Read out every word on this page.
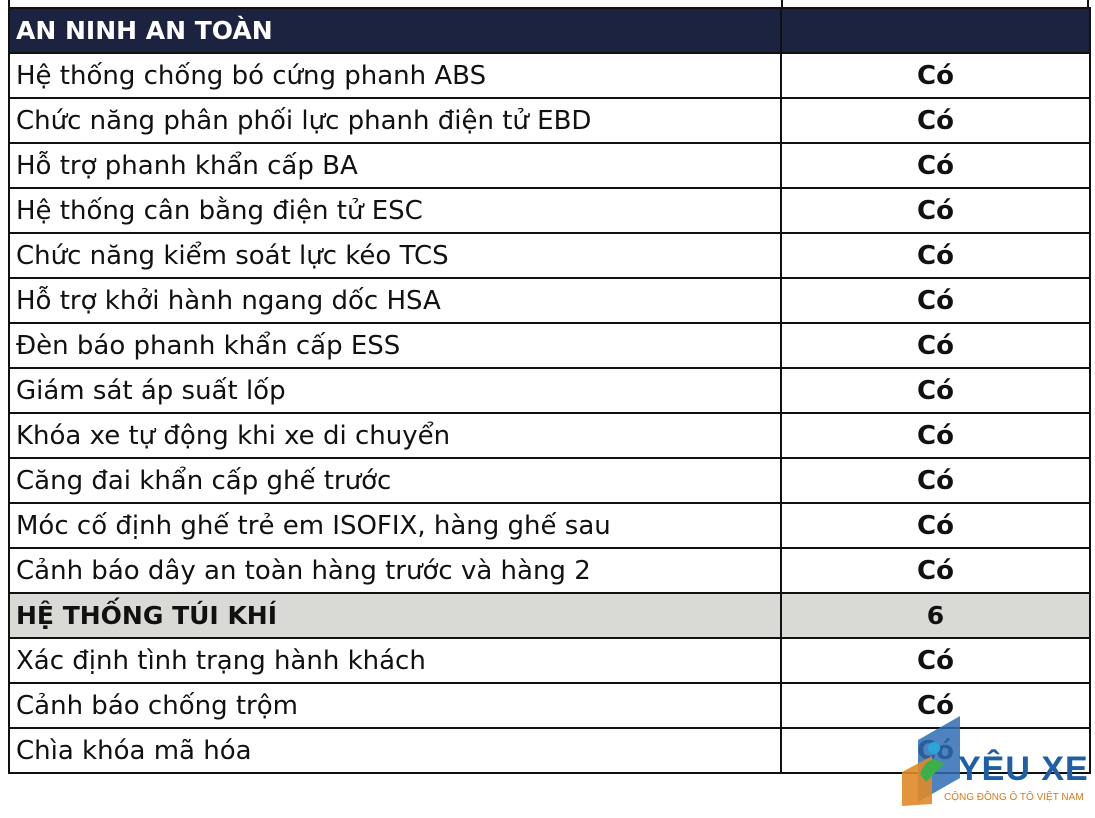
AN NINH AN TOÀN	
Hệ thống chống bó cứng phanh ABS	Có
Chức năng phân phối lực phanh điện tử EBD	Có
Hỗ trợ phanh khẩn cấp BA	Có
Hệ thống cân bằng điện tử ESC	Có
Chức năng kiểm soát lực kéo TCS	Có
Hỗ trợ khởi hành ngang dốc HSA	Có
Đèn báo phanh khẩn cấp ESS	Có
Giám sát áp suất lốp	Có
Khóa xe tự động khi xe di chuyển	Có
Căng đai khẩn cấp ghế trước	Có
Móc cố định ghế trẻ em ISOFIX, hàng ghế sau	Có
Cảnh báo dây an toàn hàng trước và hàng 2	Có
HỆ THỐNG TÚI KHÍ	6
Xác định tình trạng hành khách	Có
Cảnh báo chống trộm	Có
Chìa khóa mã hóa		YÊU XE
CỘNG ĐỒNG Ô TÔ VIỆT NAM
